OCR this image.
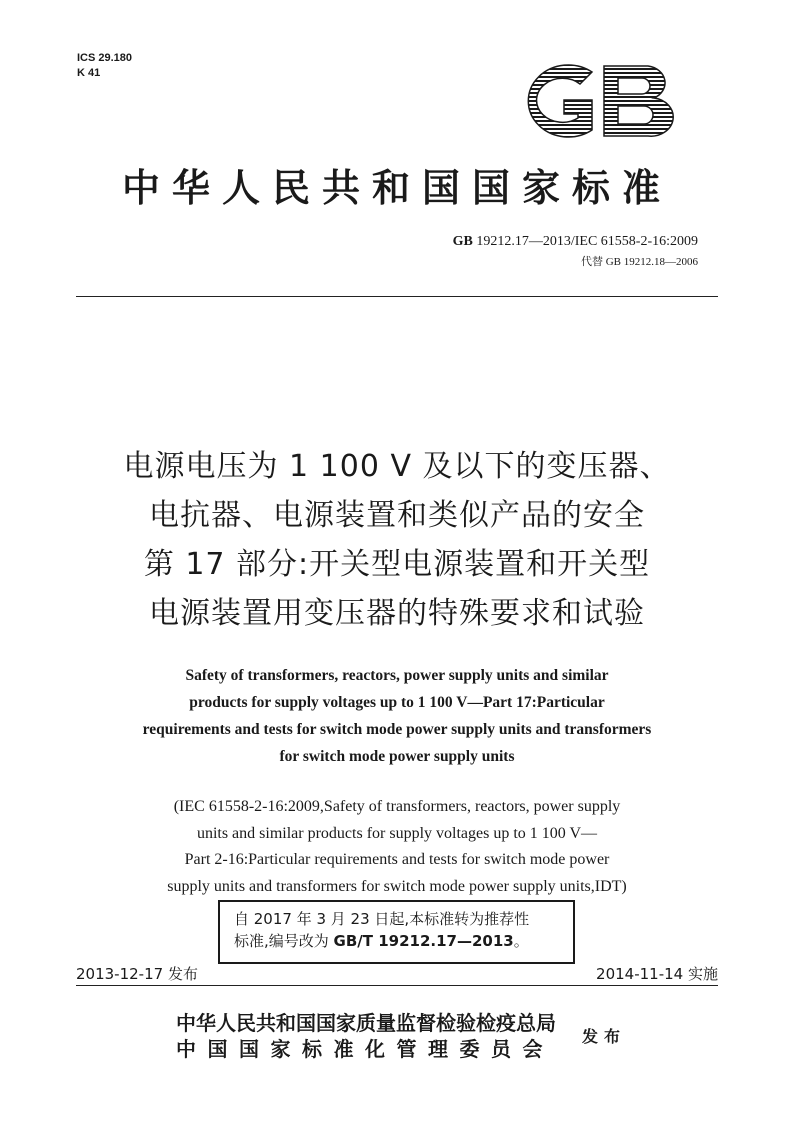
ICS 29.180
K 41
中华人民共和国国家标准
GB 19212.17—2013/IEC 61558-2-16:2009
代替 GB 19212.18—2006
电源电压为 1 100 V 及以下的变压器、
电抗器、电源装置和类似产品的安全
第 17 部分:开关型电源装置和开关型
电源装置用变压器的特殊要求和试验
Safety of transformers, reactors, power supply units and similar
products for supply voltages up to 1 100 V—Part 17:Particular
requirements and tests for switch mode power supply units and transformers
for switch mode power supply units
(IEC 61558-2-16:2009,Safety of transformers, reactors, power supply
units and similar products for supply voltages up to 1 100 V—
Part 2-16:Particular requirements and tests for switch mode power
supply units and transformers for switch mode power supply units,IDT)
自 2017 年 3 月 23 日起,本标准转为推荐性
标准,编号改为 GB/T 19212.17—2013。
2013-12-17 发布	2014-11-14 实施
中华人民共和国国家质量监督检验检疫总局
中国国家标准化管理委员会
发布
